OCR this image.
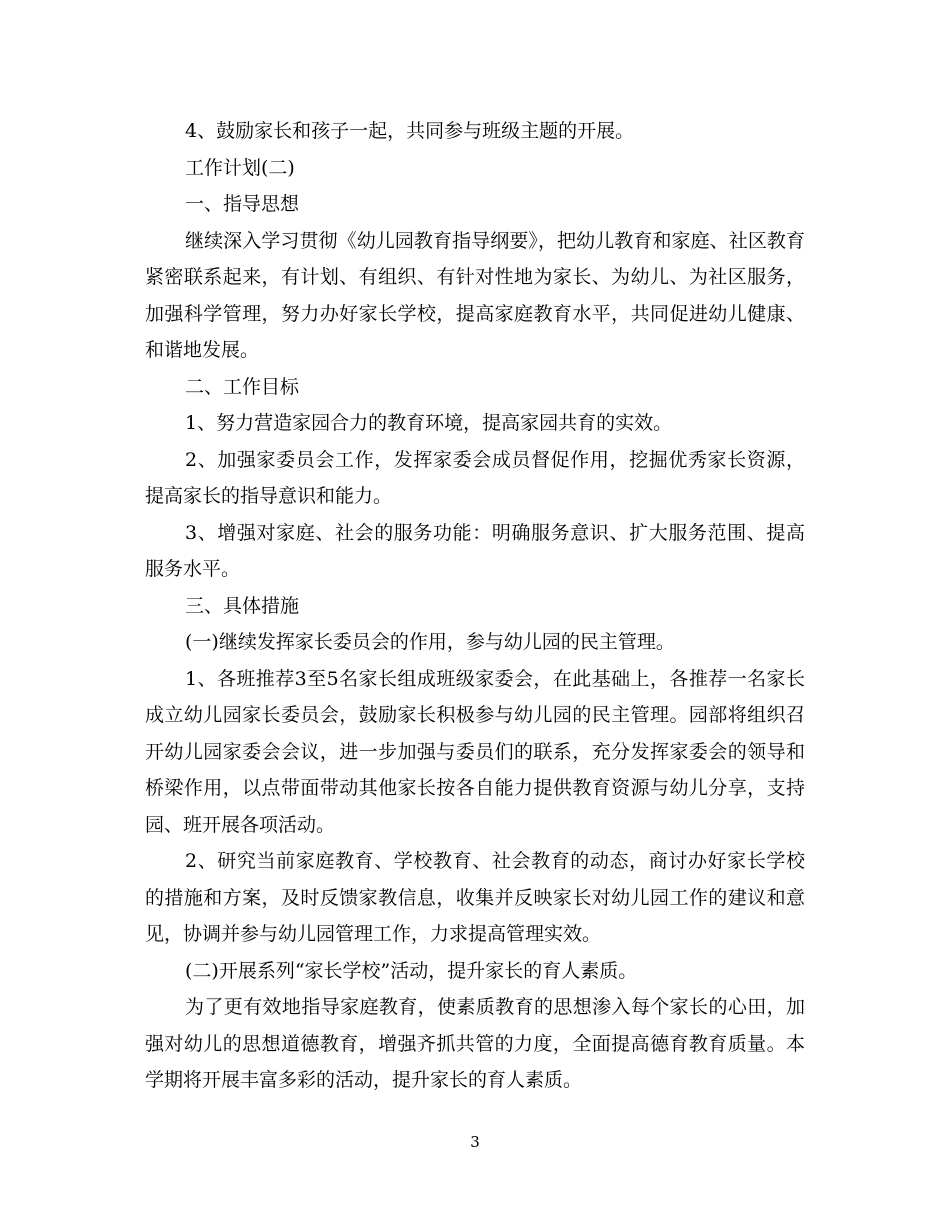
4、鼓励家长和孩子一起，共同参与班级主题的开展。

工作计划(二)

一、指导思想

继续深入学习贯彻《幼儿园教育指导纲要》，把幼儿教育和家庭、社区教育紧密联系起来，有计划、有组织、有针对性地为家长、为幼儿、为社区服务，加强科学管理，努力办好家长学校，提高家庭教育水平，共同促进幼儿健康、和谐地发展。

二、工作目标

1、努力营造家园合力的教育环境，提高家园共育的实效。

2、加强家委员会工作，发挥家委会成员督促作用，挖掘优秀家长资源，提高家长的指导意识和能力。

3、增强对家庭、社会的服务功能：明确服务意识、扩大服务范围、提高服务水平。

三、具体措施

(一)继续发挥家长委员会的作用，参与幼儿园的民主管理。

1、各班推荐3至5名家长组成班级家委会，在此基础上，各推荐一名家长成立幼儿园家长委员会，鼓励家长积极参与幼儿园的民主管理。园部将组织召开幼儿园家委会会议，进一步加强与委员们的联系，充分发挥家委会的领导和桥梁作用，以点带面带动其他家长按各自能力提供教育资源与幼儿分享，支持园、班开展各项活动。

2、研究当前家庭教育、学校教育、社会教育的动态，商讨办好家长学校的措施和方案，及时反馈家教信息，收集并反映家长对幼儿园工作的建议和意见，协调并参与幼儿园管理工作，力求提高管理实效。

(二)开展系列“家长学校”活动，提升家长的育人素质。

为了更有效地指导家庭教育，使素质教育的思想渗入每个家长的心田，加强对幼儿的思想道德教育，增强齐抓共管的力度，全面提高德育教育质量。本学期将开展丰富多彩的活动，提升家长的育人素质。

3
